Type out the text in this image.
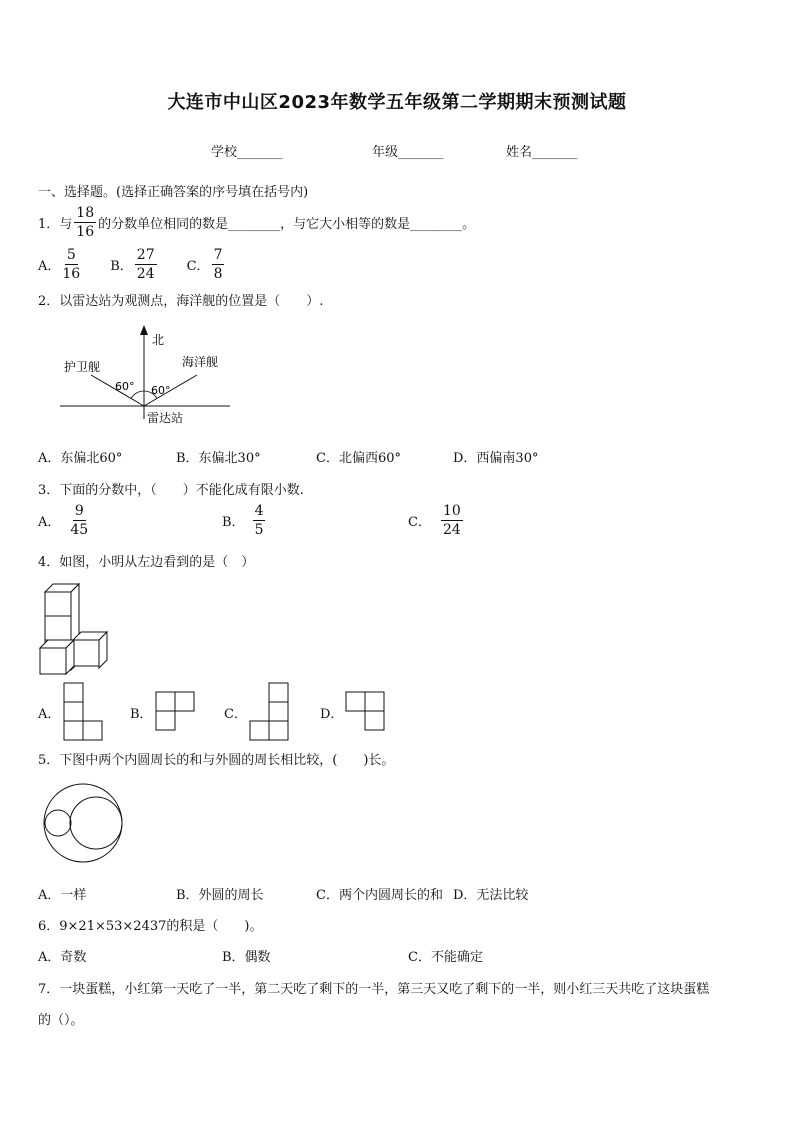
大连市中山区2023年数学五年级第二学期期末预测试题
学校_______	年级_______	姓名_______
一、选择题。(选择正确答案的序号填在括号内)
1．与 $\frac{18}{16}$ 的分数单位相同的数是________，与它大小相等的数是________。
A． $\frac{5}{16}$ B． $\frac{27}{24}$ C． $\frac{7}{8}$
2．以雷达站为观测点，海洋舰的位置是（　　）.
北
护卫舰	海洋舰
60° 60°
雷达站
A．东偏北60°	B．东偏北30°	C．北偏西60°	D．西偏南30°
3．下面的分数中，（　　）不能化成有限小数.
A． $\frac{9}{45}$	B． $\frac{4}{5}$	C． $\frac{10}{24}$
4．如图，小明从左边看到的是（　）
A．	B．	C．	D．
5．下图中两个内圆周长的和与外圆的周长相比较，(　　)长。
A．一样	B．外圆的周长	C．两个内圆周长的和 D．无法比较
6．9×21×53×2437的积是（　　)。
A．奇数	B．偶数	C．不能确定
7．一块蛋糕，小红第一天吃了一半，第二天吃了剩下的一半，第三天又吃了剩下的一半，则小红三天共吃了这块蛋糕
的（）。
